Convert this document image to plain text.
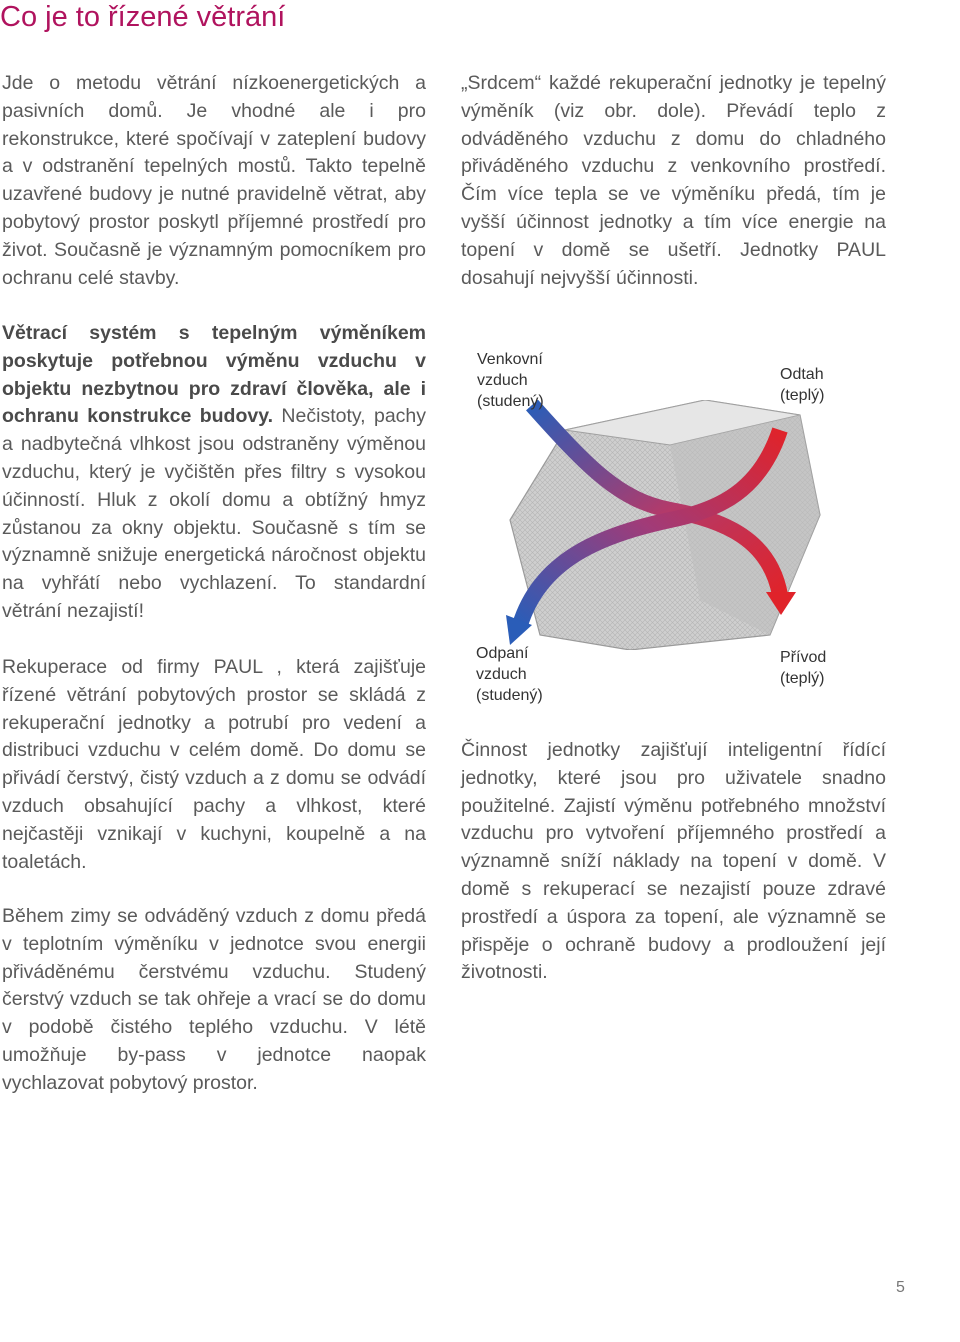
Co je to řízené větrání

Jde o metodu větrání nízkoenergetických a pasivních domů. Je vhodné ale i pro rekonstrukce, které spočívají v zateplení budovy a v odstranění tepelných mostů. Takto tepelně uzavřené budovy je nutné pravidelně větrat, aby pobytový prostor poskytl příjemné prostředí pro život. Současně je významným pomocníkem pro ochranu celé stavby.

Větrací systém s tepelným výměníkem poskytuje potřebnou výměnu vzduchu v objektu nezbytnou pro zdraví člověka, ale i ochranu konstrukce budovy. Nečistoty, pachy a nadbytečná vlhkost jsou odstraněny výměnou vzduchu, který je vyčištěn přes filtry s vysokou účinností. Hluk z okolí domu a obtížný hmyz zůstanou za okny objektu. Současně s tím se významně snižuje energetická náročnost objektu na vyhřátí nebo vychlazení. To standardní větrání nezajistí!

Rekuperace od firmy PAUL , která zajišťuje řízené větrání pobytových prostor se skládá z rekuperační jednotky a potrubí pro vedení a distribuci vzduchu v celém domě. Do domu se přivádí čerstvý, čistý vzduch a z domu se odvádí vzduch obsahující pachy a vlhkost, které nejčastěji vznikají v kuchyni, koupelně a na toaletách.

Během zimy se odváděný vzduch z domu předá v teplotním výměníku v jednotce svou energii přiváděnému čerstvému vzduchu. Studený čerstvý vzduch se tak ohřeje a vrací se do domu v podobě čistého teplého vzduchu. V létě umožňuje by-pass v jednotce naopak vychlazovat pobytový prostor.

„Srdcem“ každé rekuperační jednotky je tepelný výměník (viz obr. dole). Převádí teplo z odváděného vzduchu z domu do chladného přiváděného vzduchu z venkovního prostředí. Čím více tepla se ve výměníku předá, tím je vyšší účinnost jednotky a tím více energie na topení v domě se ušetří. Jednotky PAUL dosahují nejvyšší účinnosti.

Činnost jednotky zajišťují inteligentní řídící jednotky, které jsou pro uživatele snadno použitelné. Zajistí výměnu potřebného množství vzduchu pro vytvoření příjemného prostředí a významně sníží náklady na topení v domě. V domě s rekuperací se nezajistí pouze zdravé prostředí a úspora za topení, ale významně se přispěje o ochraně budovy a prodloužení její životnosti.

Venkovní
vzduch
(studený)
Odtah
(teplý)
Odpaní
vzduch
(studený)
Přívod
(teplý)
5
